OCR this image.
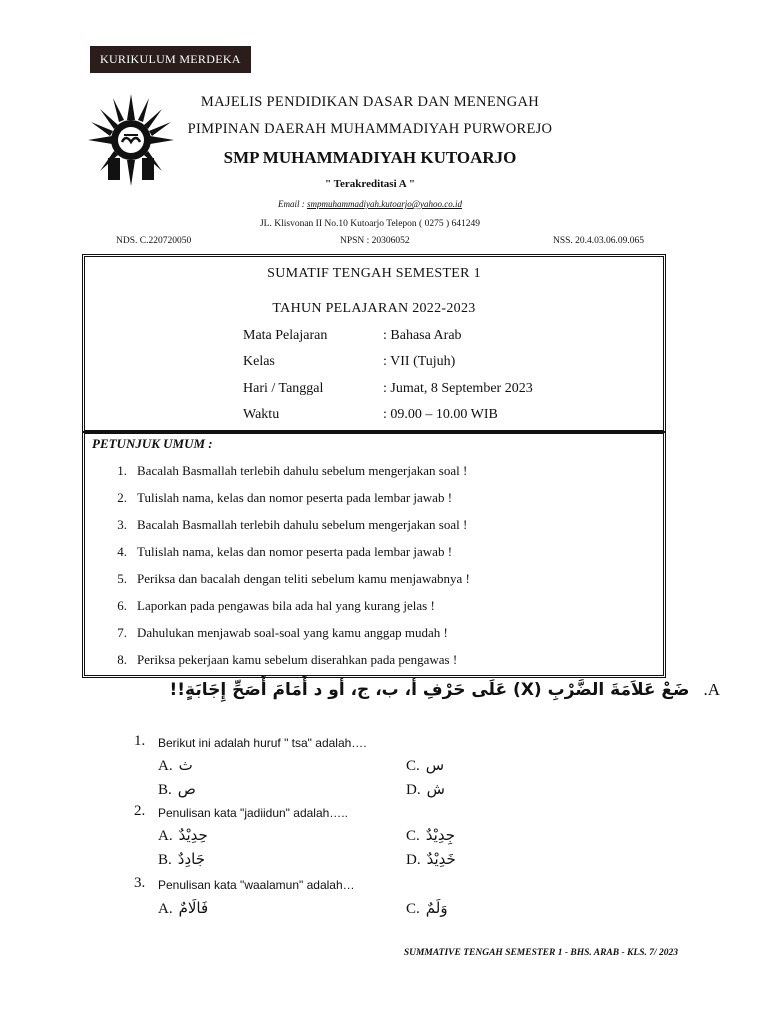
KURIKULUM MERDEKA
MAJELIS PENDIDIKAN DASAR DAN MENENGAH
PIMPINAN DAERAH MUHAMMADIYAH PURWOREJO
SMP MUHAMMADIYAH KUTOARJO
" Terakreditasi A "
Email : smpmuhammadiyah.kutoarjo@yahoo.co.id
JL. Klisvonan II No.10 Kutoarjo Telepon ( 0275 ) 641249
NDS. C.220720050	NPSN : 20306052	NSS. 20.4.03.06.09.065
SUMATIF TENGAH SEMESTER 1
TAHUN PELAJARAN 2022-2023
Mata Pelajaran	: Bahasa Arab
Kelas	: VII (Tujuh)
Hari / Tanggal	: Jumat, 8 September 2023
Waktu	: 09.00 – 10.00 WIB
PETUNJUK UMUM :
1. Bacalah Basmallah terlebih dahulu sebelum mengerjakan soal !
2. Tulislah nama, kelas dan nomor peserta pada lembar jawab !
3. Bacalah Basmallah terlebih dahulu sebelum mengerjakan soal !
4. Tulislah nama, kelas dan nomor peserta pada lembar jawab !
5. Periksa dan bacalah dengan teliti sebelum kamu menjawabnya !
6. Laporkan pada pengawas bila ada hal yang kurang jelas !
7. Dahulukan menjawab soal-soal yang kamu anggap mudah !
8. Periksa pekerjaan kamu sebelum diserahkan pada pengawas !
ضَعْ عَلاَمَةَ الضَّرْبِ (X) عَلَى حَرْفِ أ، ب، ج، أو د أَمَامَ أَصَحِّ إِجَابَةٍ!! .A
1. Berikut ini adalah huruf " tsa" adalah….
A. ث	C. س
B. ص	D. ش
2. Penulisan kata "jadiidun" adalah…..
A. حِدِيْدٌ	C. جِدِيْدٌ
B. جَادِدٌ	D. خَدِيْدٌ
3. Penulisan kata "waalamun" adalah…
A. فَالَامٌ	C. وَلَمٌ
SUMMATIVE TENGAH SEMESTER 1 - BHS. ARAB - KLS. 7/ 2023
